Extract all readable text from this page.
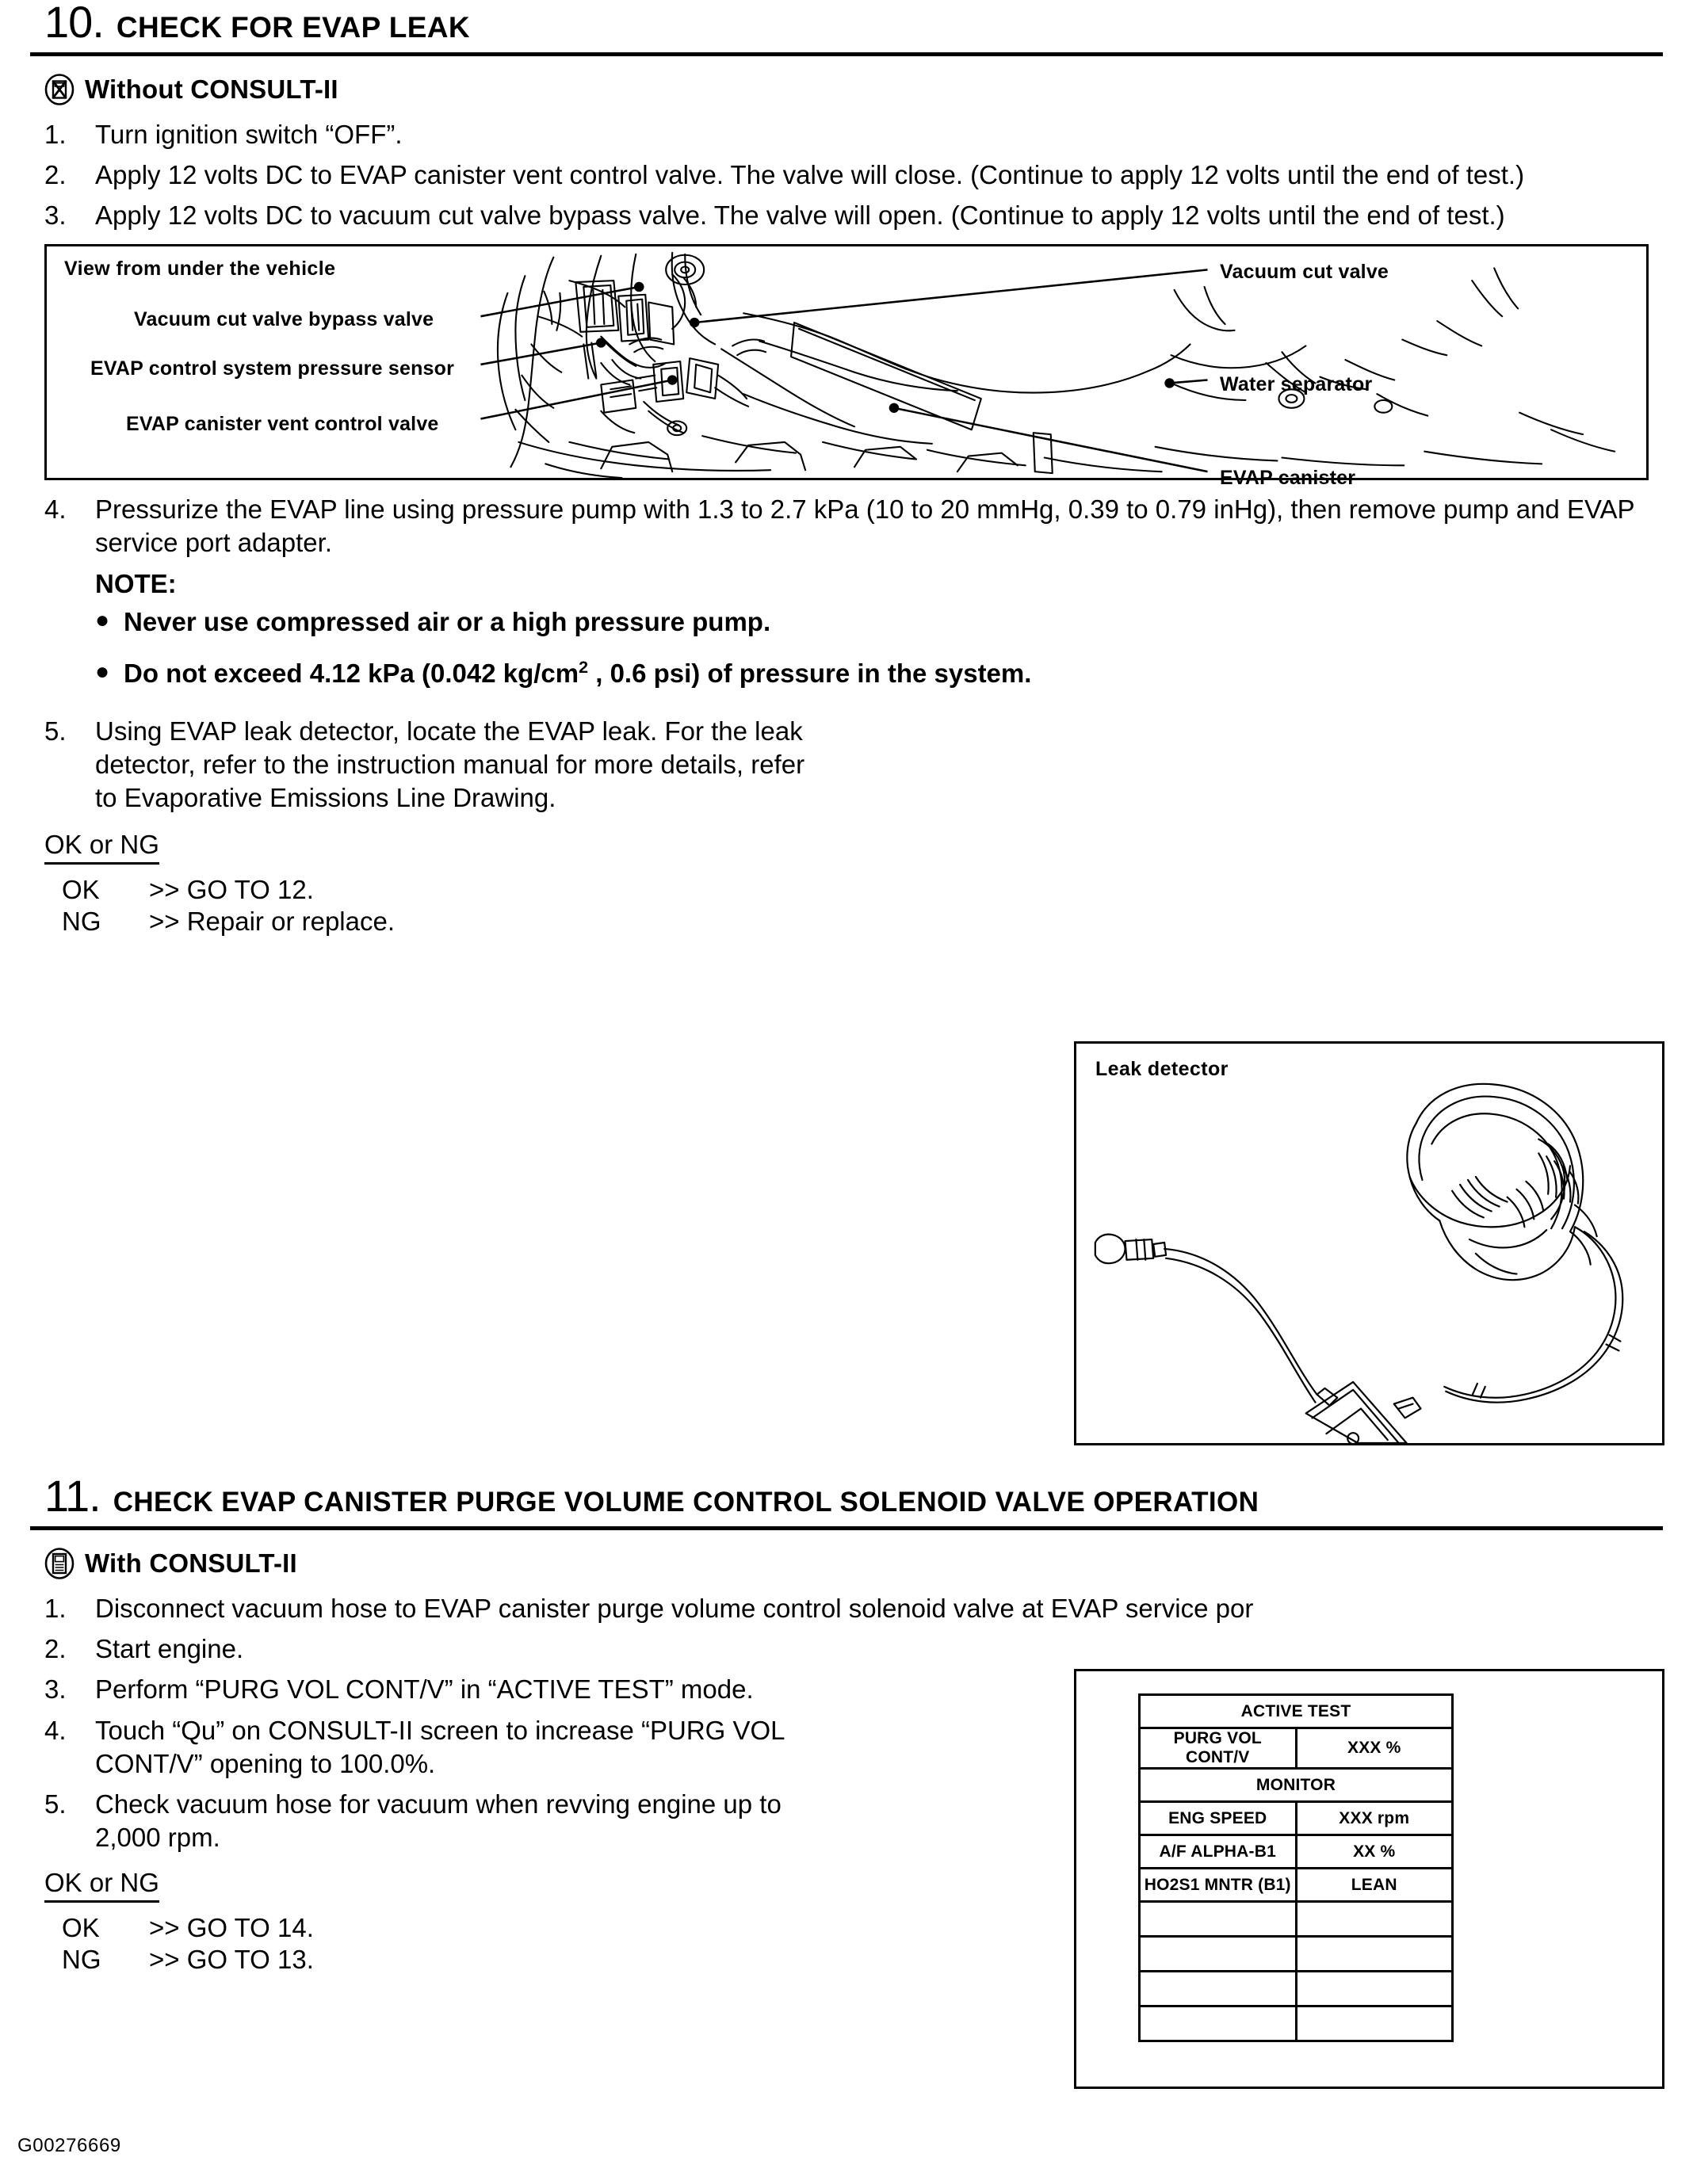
10. CHECK FOR EVAP LEAK
Without CONSULT-II
1.	Turn ignition switch “OFF”.
2.	Apply 12 volts DC to EVAP canister vent control valve. The valve will close. (Continue to apply 12 volts until the end of test.)
3.	Apply 12 volts DC to vacuum cut valve bypass valve. The valve will open. (Continue to apply 12 volts until the end of test.)
View from under the vehicle
Vacuum cut valve bypass valve
EVAP control system pressure sensor
EVAP canister vent control valve
Vacuum cut valve
Water separator
EVAP canister
4.	Pressurize the EVAP line using pressure pump with 1.3 to 2.7 kPa (10 to 20 mmHg, 0.39 to 0.79 inHg), then remove pump and EVAP service port adapter.
NOTE:
● Never use compressed air or a high pressure pump.
● Do not exceed 4.12 kPa (0.042 $kg/cm^2$ , 0.6 psi) of pressure in the system.
5.	Using EVAP leak detector, locate the EVAP leak. For the leak
detector, refer to the instruction manual for more details, refer
to Evaporative Emissions Line Drawing.
OK or NG
OK	>> GO TO 12.
NG	>> Repair or replace.
Leak detector
11. CHECK EVAP CANISTER PURGE VOLUME CONTROL SOLENOID VALVE OPERATION
With CONSULT-II
1.	Disconnect vacuum hose to EVAP canister purge volume control solenoid valve at EVAP service por
2.	Start engine.
3.	Perform “PURG VOL CONT/V” in “ACTIVE TEST” mode.
4.	Touch “Qu” on CONSULT-II screen to increase “PURG VOL
CONT/V” opening to 100.0%.
5.	Check vacuum hose for vacuum when revving engine up to
2,000 rpm.
OK or NG
OK	>> GO TO 14.
NG	>> GO TO 13.
ACTIVE TEST	
PURG VOL CONT/V	XXX %
MONITOR	
ENG SPEED	XXX rpm
A/F ALPHA-B1	XX %
HO2S1 MNTR (B1)	LEAN

G00276669
